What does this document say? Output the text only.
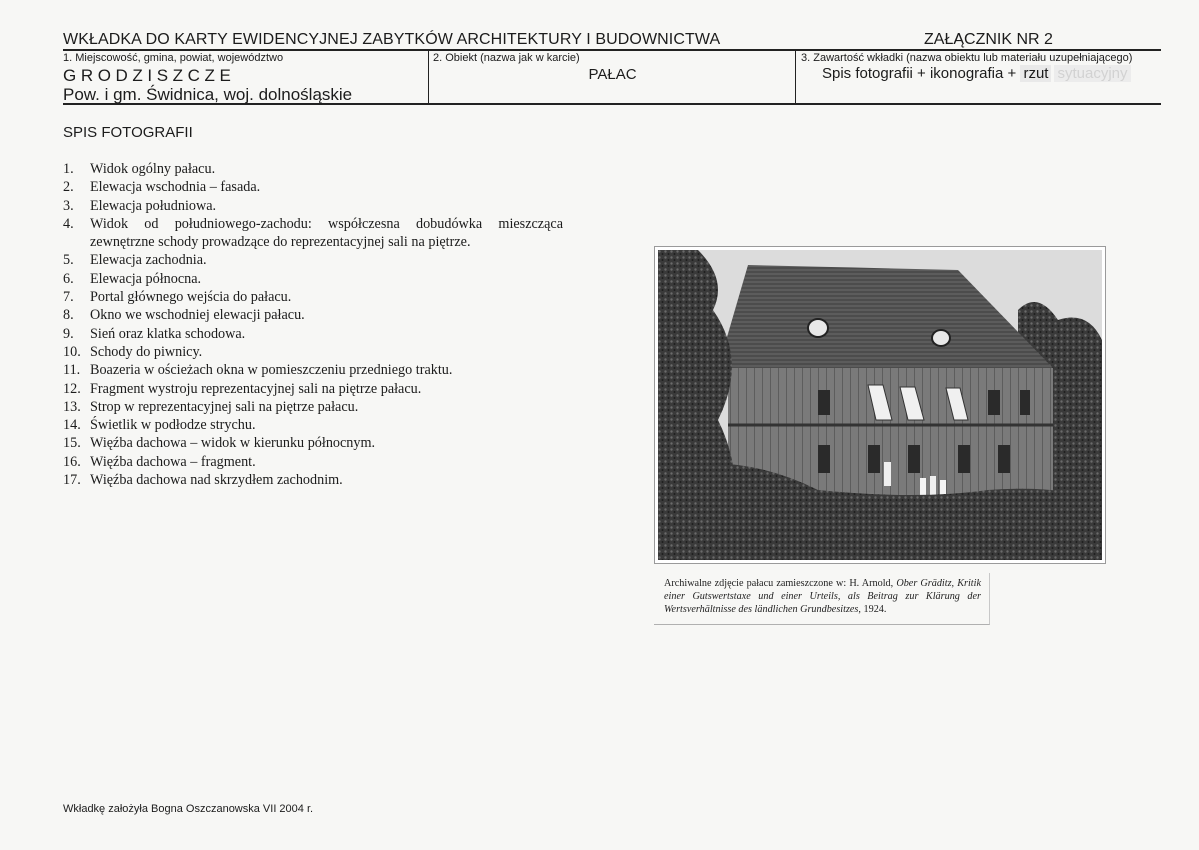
WKŁADKA DO KARTY EWIDENCYJNEJ ZABYTKÓW ARCHITEKTURY I BUDOWNICTWA	ZAŁĄCZNIK NR 2
1. Miejscowość, gmina, powiat, województwo
GRODZISZCZE
Pow. i gm. Świdnica, woj. dolnośląskie
2. Obiekt (nazwa jak w karcie)
PAŁAC
3. Zawartość wkładki (nazwa obiektu lub materiału uzupełniającego)
Spis fotografii + ikonografia + rzut sytuacyjny
SPIS FOTOGRAFII
1. Widok ogólny pałacu.
2. Elewacja wschodnia – fasada.
3. Elewacja południowa.
4. Widok od południowego-zachodu: współczesna dobudówka mieszcząca zewnętrzne schody prowadzące do reprezentacyjnej sali na piętrze.
5. Elewacja zachodnia.
6. Elewacja północna.
7. Portal głównego wejścia do pałacu.
8. Okno we wschodniej elewacji pałacu.
9. Sień oraz klatka schodowa.
10. Schody do piwnicy.
11. Boazeria w ościeżach okna w pomieszczeniu przedniego traktu.
12. Fragment wystroju reprezentacyjnej sali na piętrze pałacu.
13. Strop w reprezentacyjnej sali na piętrze pałacu.
14. Świetlik w podłodze strychu.
15. Więźba dachowa – widok w kierunku północnym.
16. Więźba dachowa – fragment.
17. Więźba dachowa nad skrzydłem zachodnim.
Archiwalne zdjęcie pałacu zamieszczone w: H. Arnold, Ober Gräditz, Kritik einer Gutswertstaxe und einer Urteils, als Beitrag zur Klärung der Wertsverhältnisse des ländlichen Grundbesitzes, 1924.
Wkładkę założyła Bogna Oszczanowska VII 2004 r.
